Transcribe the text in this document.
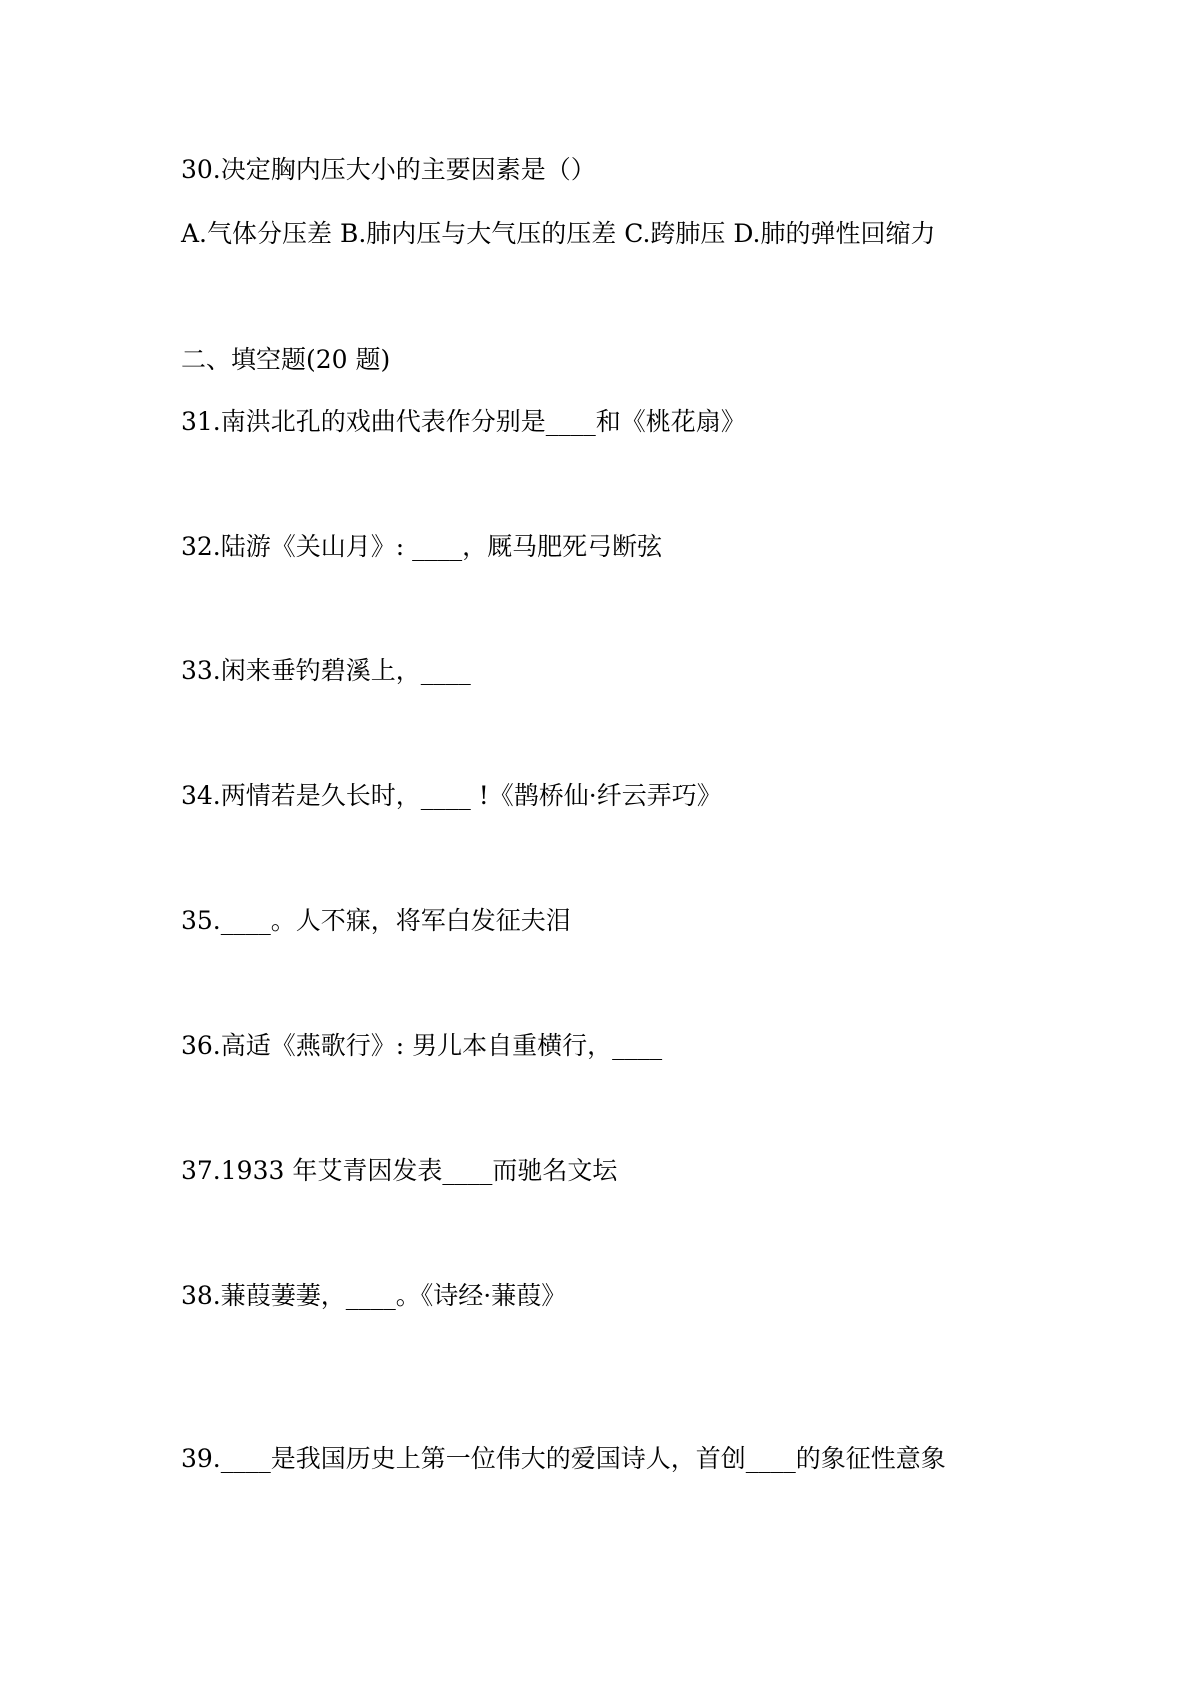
30.决定胸内压大小的主要因素是（）
A.气体分压差 B.肺内压与大气压的压差 C.跨肺压 D.肺的弹性回缩力
二、填空题(20 题)
31.南洪北孔的戏曲代表作分别是____和《桃花扇》
32.陆游《关山月》: ____，厩马肥死弓断弦
33.闲来垂钓碧溪上，____
34.两情若是久长时，____ !《鹊桥仙·纤云弄巧》
35.____。人不寐，将军白发征夫泪
36.高适《燕歌行》: 男儿本自重横行，____
37.1933 年艾青因发表____而驰名文坛
38.蒹葭萋萋，____。《诗经·蒹葭》
39.____是我国历史上第一位伟大的爱国诗人，首创____的象征性意象
